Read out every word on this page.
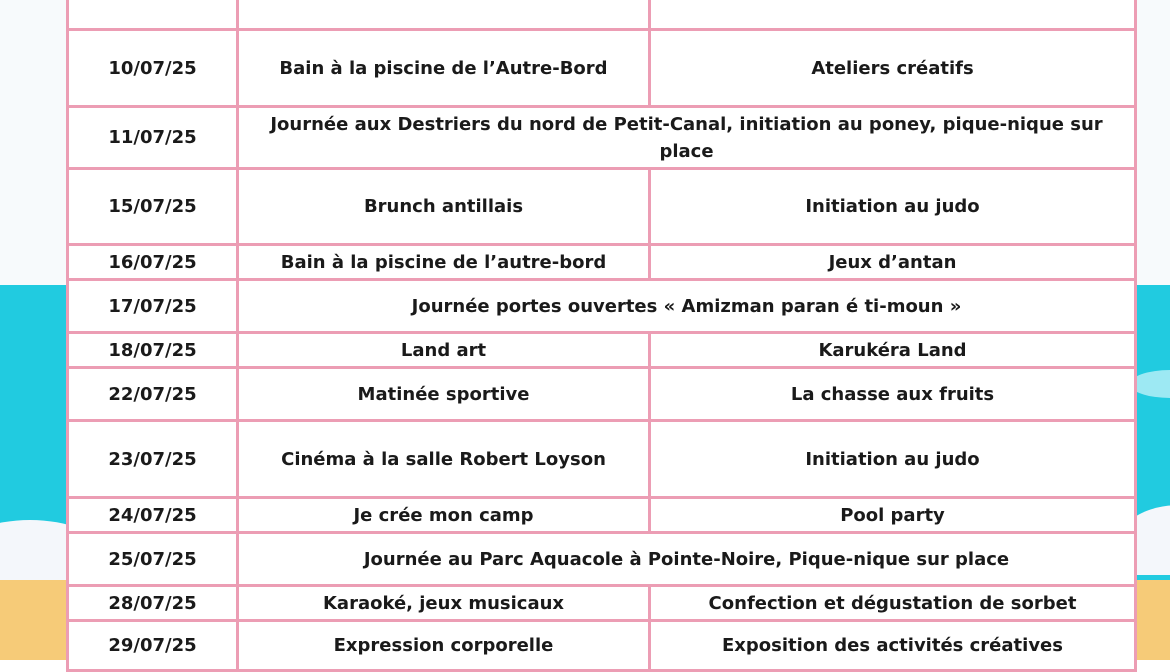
10/07/25	Bain à la piscine de l’Autre-Bord	Ateliers créatifs
11/07/25	Journée aux Destriers du nord de Petit-Canal, initiation au poney, pique-nique sur place	
15/07/25	Brunch antillais	Initiation au judo
16/07/25	Bain à la piscine de l’autre-bord	Jeux d’antan
17/07/25	Journée portes ouvertes « Amizman paran é ti-moun »	
18/07/25	Land art	Karukéra Land
22/07/25	Matinée sportive	La chasse aux fruits
23/07/25	Cinéma à la salle Robert Loyson	Initiation au judo
24/07/25	Je crée mon camp	Pool party
25/07/25	Journée au Parc Aquacole à Pointe-Noire, Pique-nique sur place	
28/07/25	Karaoké, jeux musicaux	Confection et dégustation de sorbet
29/07/25	Expression corporelle	Exposition des activités créatives
